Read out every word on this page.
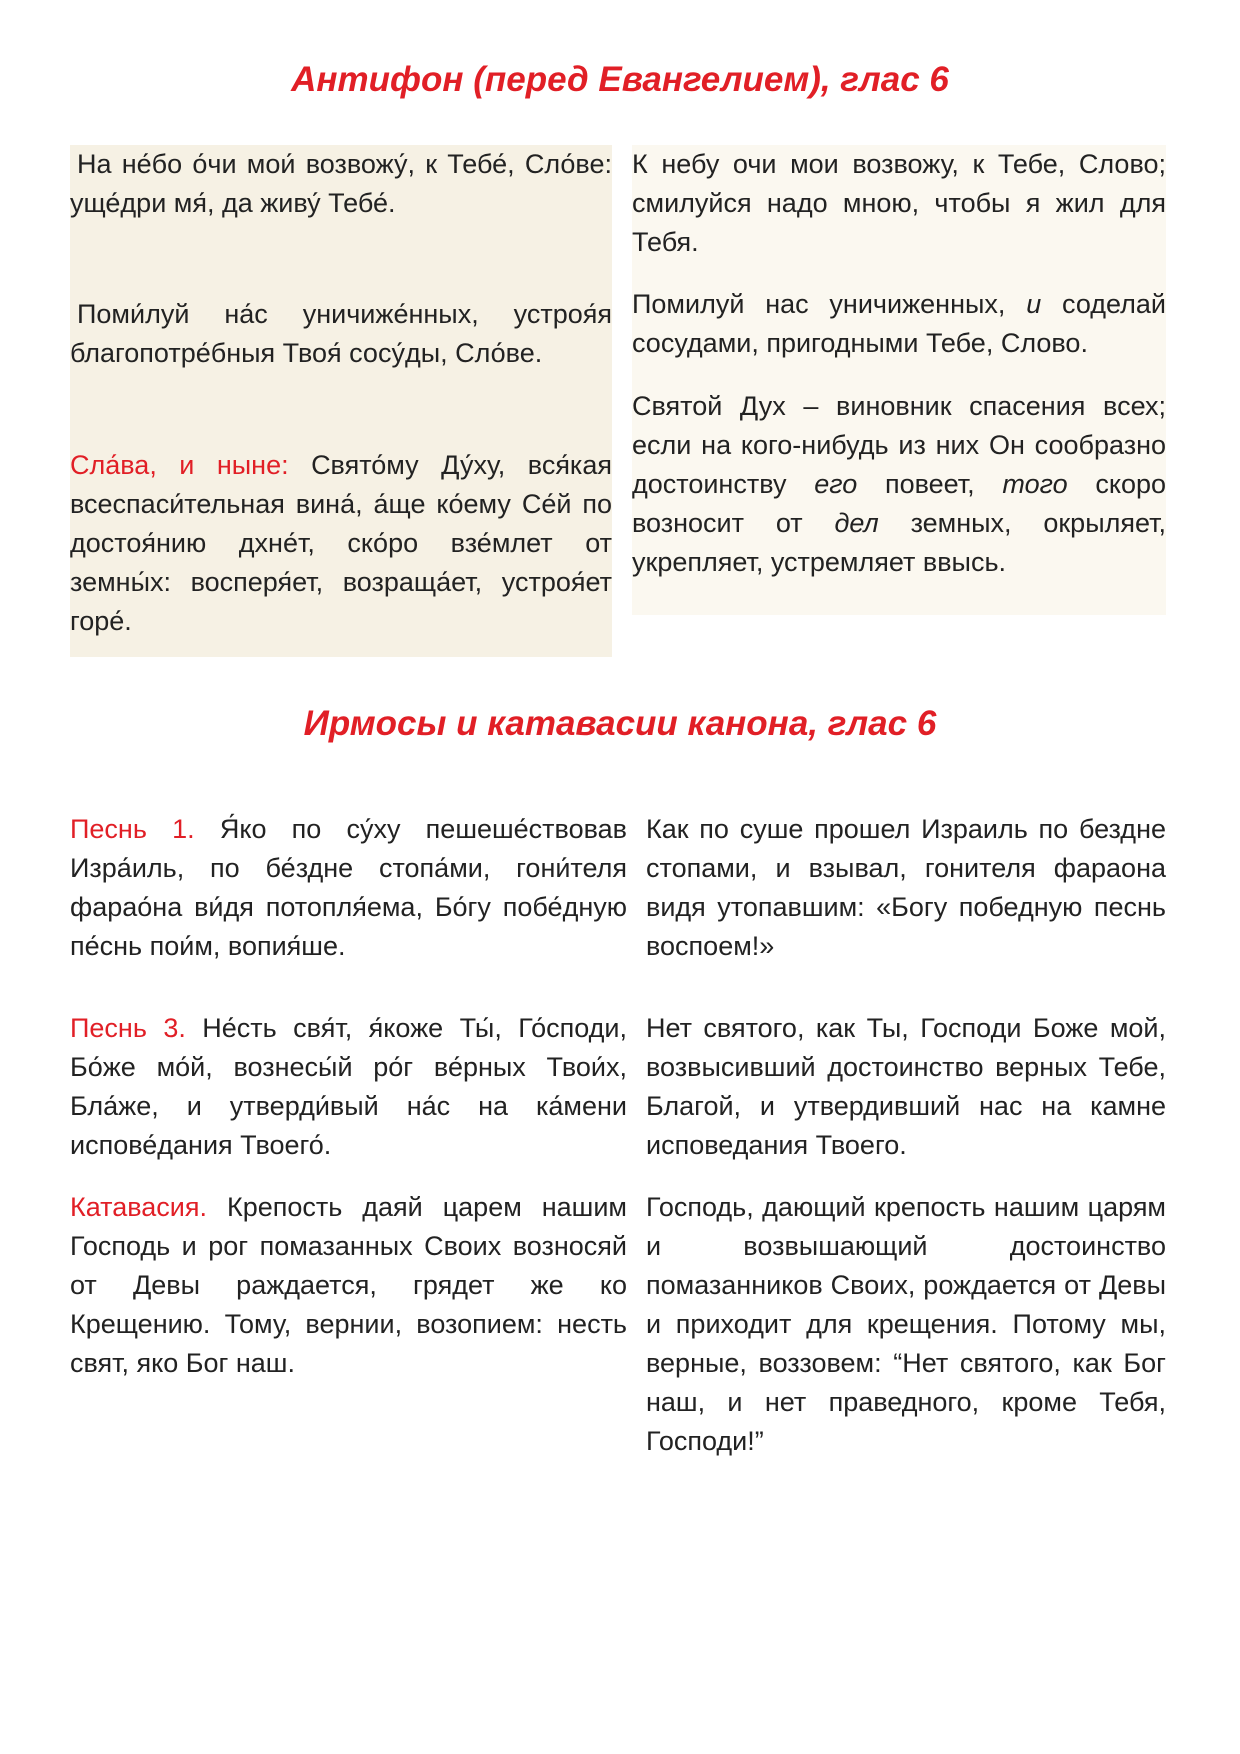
Антифон (перед Евангелием), глас 6

На не́бо о́чи мои́ возвожу́, к Тебе́, Сло́ве: уще́дри мя́, да живу́ Тебе́.

Поми́луй на́с уничиже́нных, устроя́я благопотре́бныя Твоя́ сосу́ды, Сло́ве.

Сла́ва, и ныне: Свято́му Ду́ху, вся́кая всеспаси́тельная вина́, а́ще ко́ему Се́й по достоя́нию дхне́т, ско́ро взе́млет от земны́х: восперя́ет, возраща́ет, устроя́ет горе́.

К небу очи мои возвожу, к Тебе, Слово; смилуйся надо мною, чтобы я жил для Тебя.

Помилуй нас уничиженных, и соделай сосудами, пригодными Тебе, Слово.

Святой Дух – виновник спасения всех; если на кого-нибудь из них Он сообразно достоинству его повеет, того скоро возносит от дел земных, окрыляет, укрепляет, устремляет ввысь.

Ирмосы и катавасии канона, глас 6

Песнь 1. Я́ко по су́ху пешеше́ствовав Изра́иль, по бе́здне стопа́ми, гони́теля фарао́на ви́дя потопля́ема, Бо́гу побе́дную пе́снь пои́м, вопия́ше.

Как по суше прошел Израиль по бездне стопами, и взывал, гонителя фараона видя утопавшим: «Богу победную песнь воспоем!»

Песнь 3. Не́сть свя́т, я́коже Ты́, Го́споди, Бо́же мо́й, вознесы́й ро́г ве́рных Твои́х, Бла́же, и утверди́вый на́с на ка́мени испове́дания Твоего́.

Нет святого, как Ты, Господи Боже мой, возвысивший достоинство верных Тебе, Благой, и утвердивший нас на камне исповедания Твоего.

Катавасия. Крепость даяй царем нашим Господь и рог помазанных Своих возносяй от Девы раждается, грядет же ко Крещению. Тому, вернии, возопием: несть свят, яко Бог наш.

Господь, дающий крепость нашим царям и возвышающий достоинство помазанников Своих, рождается от Девы и приходит для крещения. Потому мы, верные, воззовем: “Нет святого, как Бог наш, и нет праведного, кроме Тебя, Господи!”
